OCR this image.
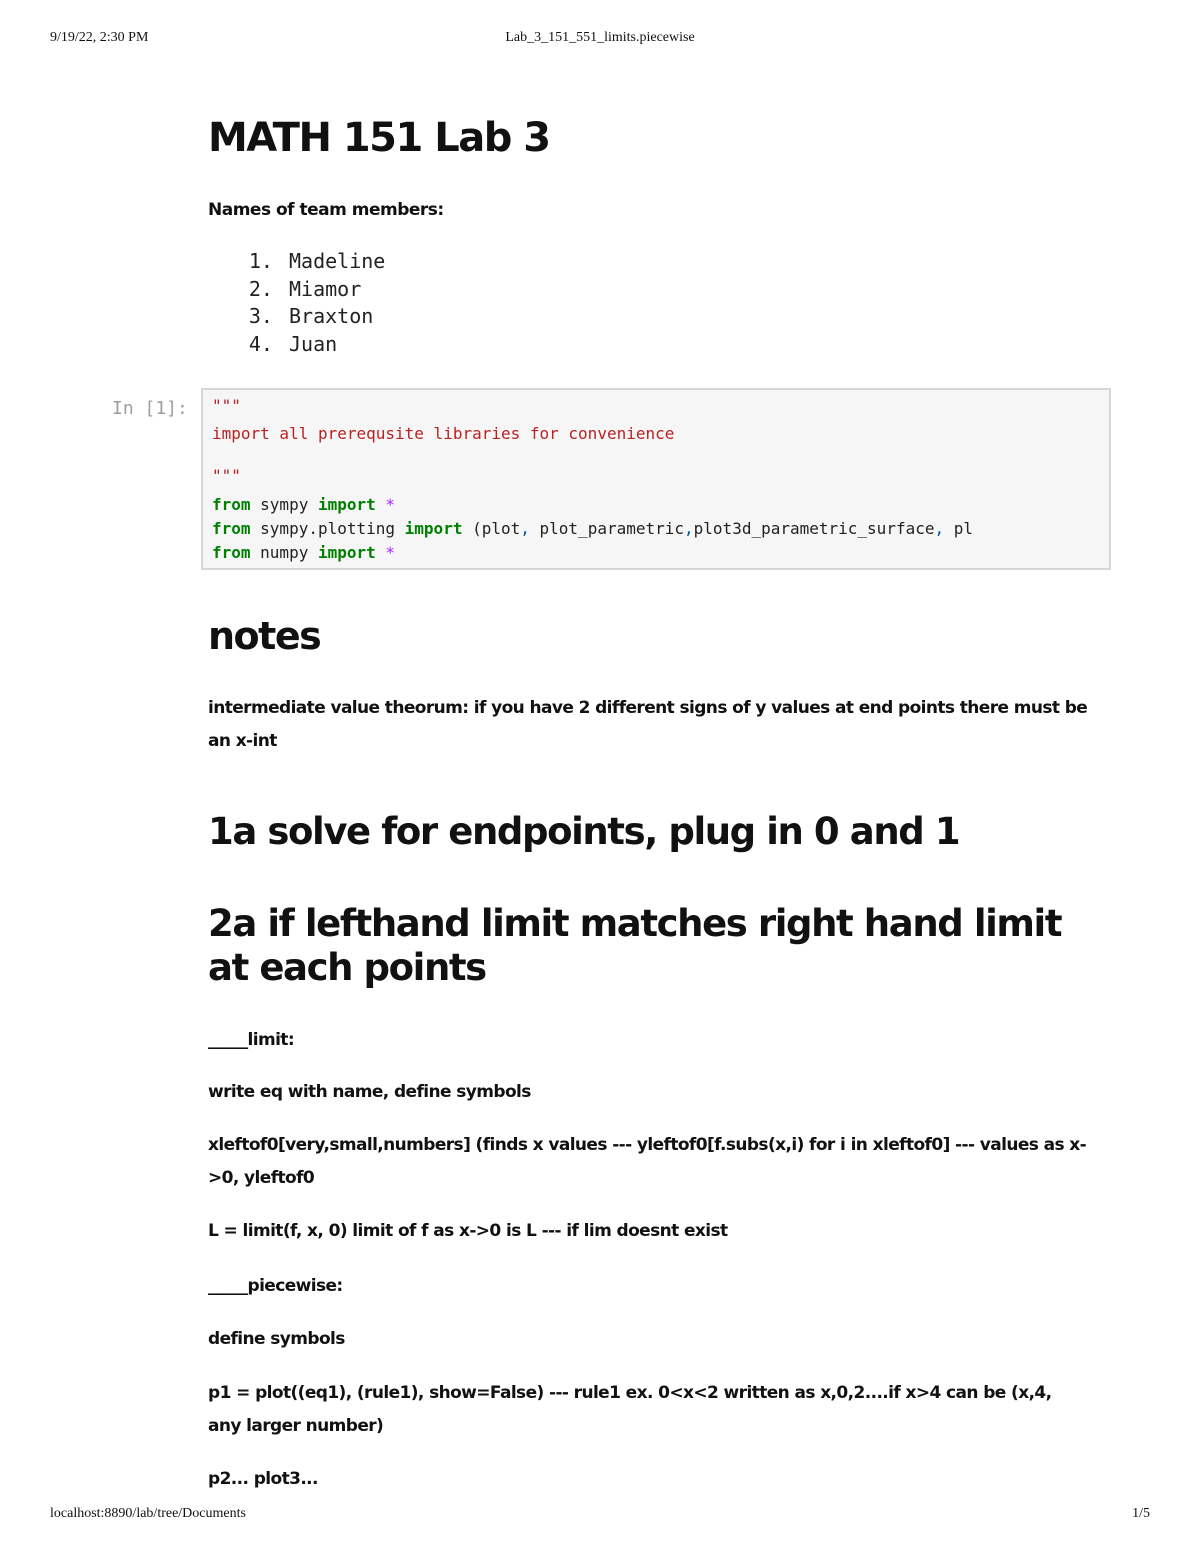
9/19/22, 2:30 PM	Lab_3_151_551_limits.piecewise
MATH 151 Lab 3
Names of team members:
1. Madeline
2. Miamor
3. Braxton
4. Juan
In [1]: """
import all prerequsite libraries for convenience
"""
from sympy import *
from sympy.plotting import (plot, plot_parametric,plot3d_parametric_surface, pl
from numpy import *
notes
intermediate value theorum: if you have 2 different signs of y values at end points there must be an x-int
1a solve for endpoints, plug in 0 and 1
2a if lefthand limit matches right hand limit at each points
_____limit:
write eq with name, define symbols
xleftof0[very,small,numbers] (finds x values --- yleftof0[f.subs(x,i) for i in xleftof0] --- values as x->0, yleftof0
L = limit(f, x, 0) limit of f as x->0 is L --- if lim doesnt exist
_____piecewise:
define symbols
p1 = plot((eq1), (rule1), show=False) --- rule1 ex. 0<x<2 written as x,0,2....if x>4 can be (x,4, any larger number)
p2... plot3...
localhost:8890/lab/tree/Documents	1/5
